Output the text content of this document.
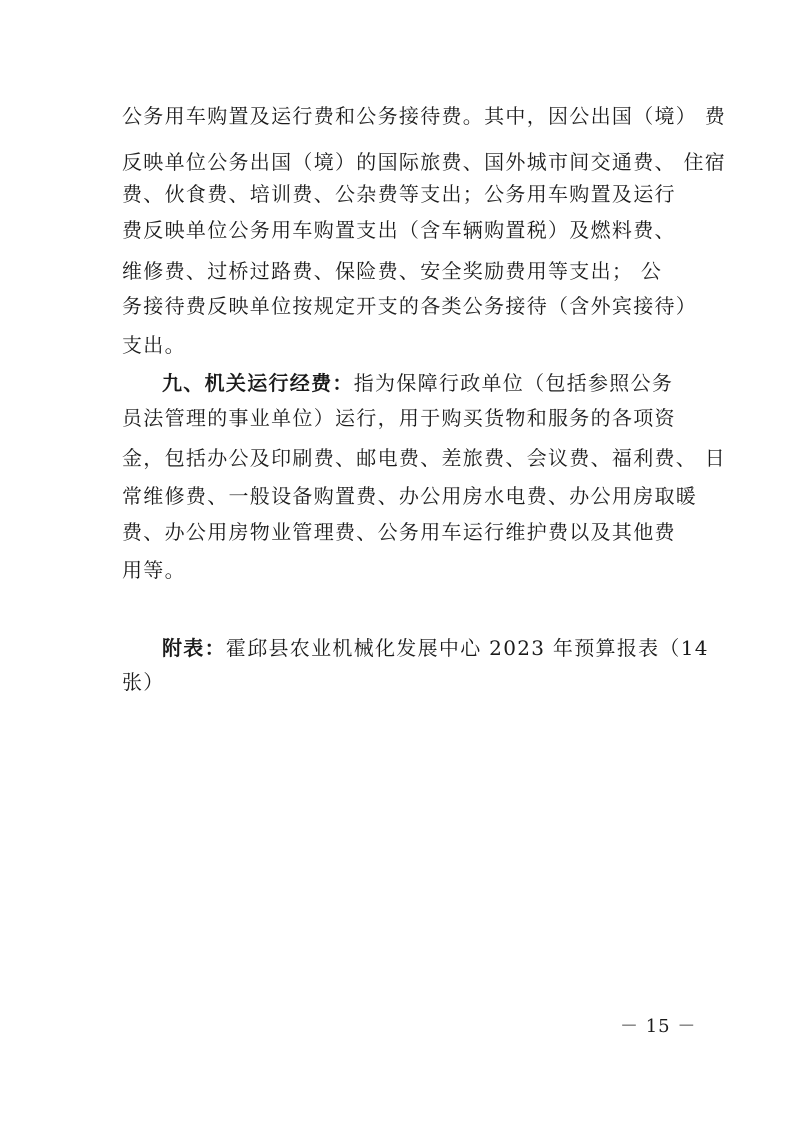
公务用车购置及运行费和公务接待费。其中，因公出国（境） 费
反映单位公务出国（境）的国际旅费、国外城市间交通费、 住宿
费、伙食费、培训费、公杂费等支出；公务用车购置及运行
费反映单位公务用车购置支出（含车辆购置税）及燃料费、
维修费、过桥过路费、保险费、安全奖励费用等支出； 公
务接待费反映单位按规定开支的各类公务接待（含外宾接待）
支出。
九、机关运行经费：指为保障行政单位（包括参照公务
员法管理的事业单位）运行，用于购买货物和服务的各项资
金，包括办公及印刷费、邮电费、差旅费、会议费、福利费、 日
常维修费、一般设备购置费、办公用房水电费、办公用房取暖
费、办公用房物业管理费、公务用车运行维护费以及其他费
用等。
附表：霍邱县农业机械化发展中心 2023 年预算报表（14
张）
－ 15 －
